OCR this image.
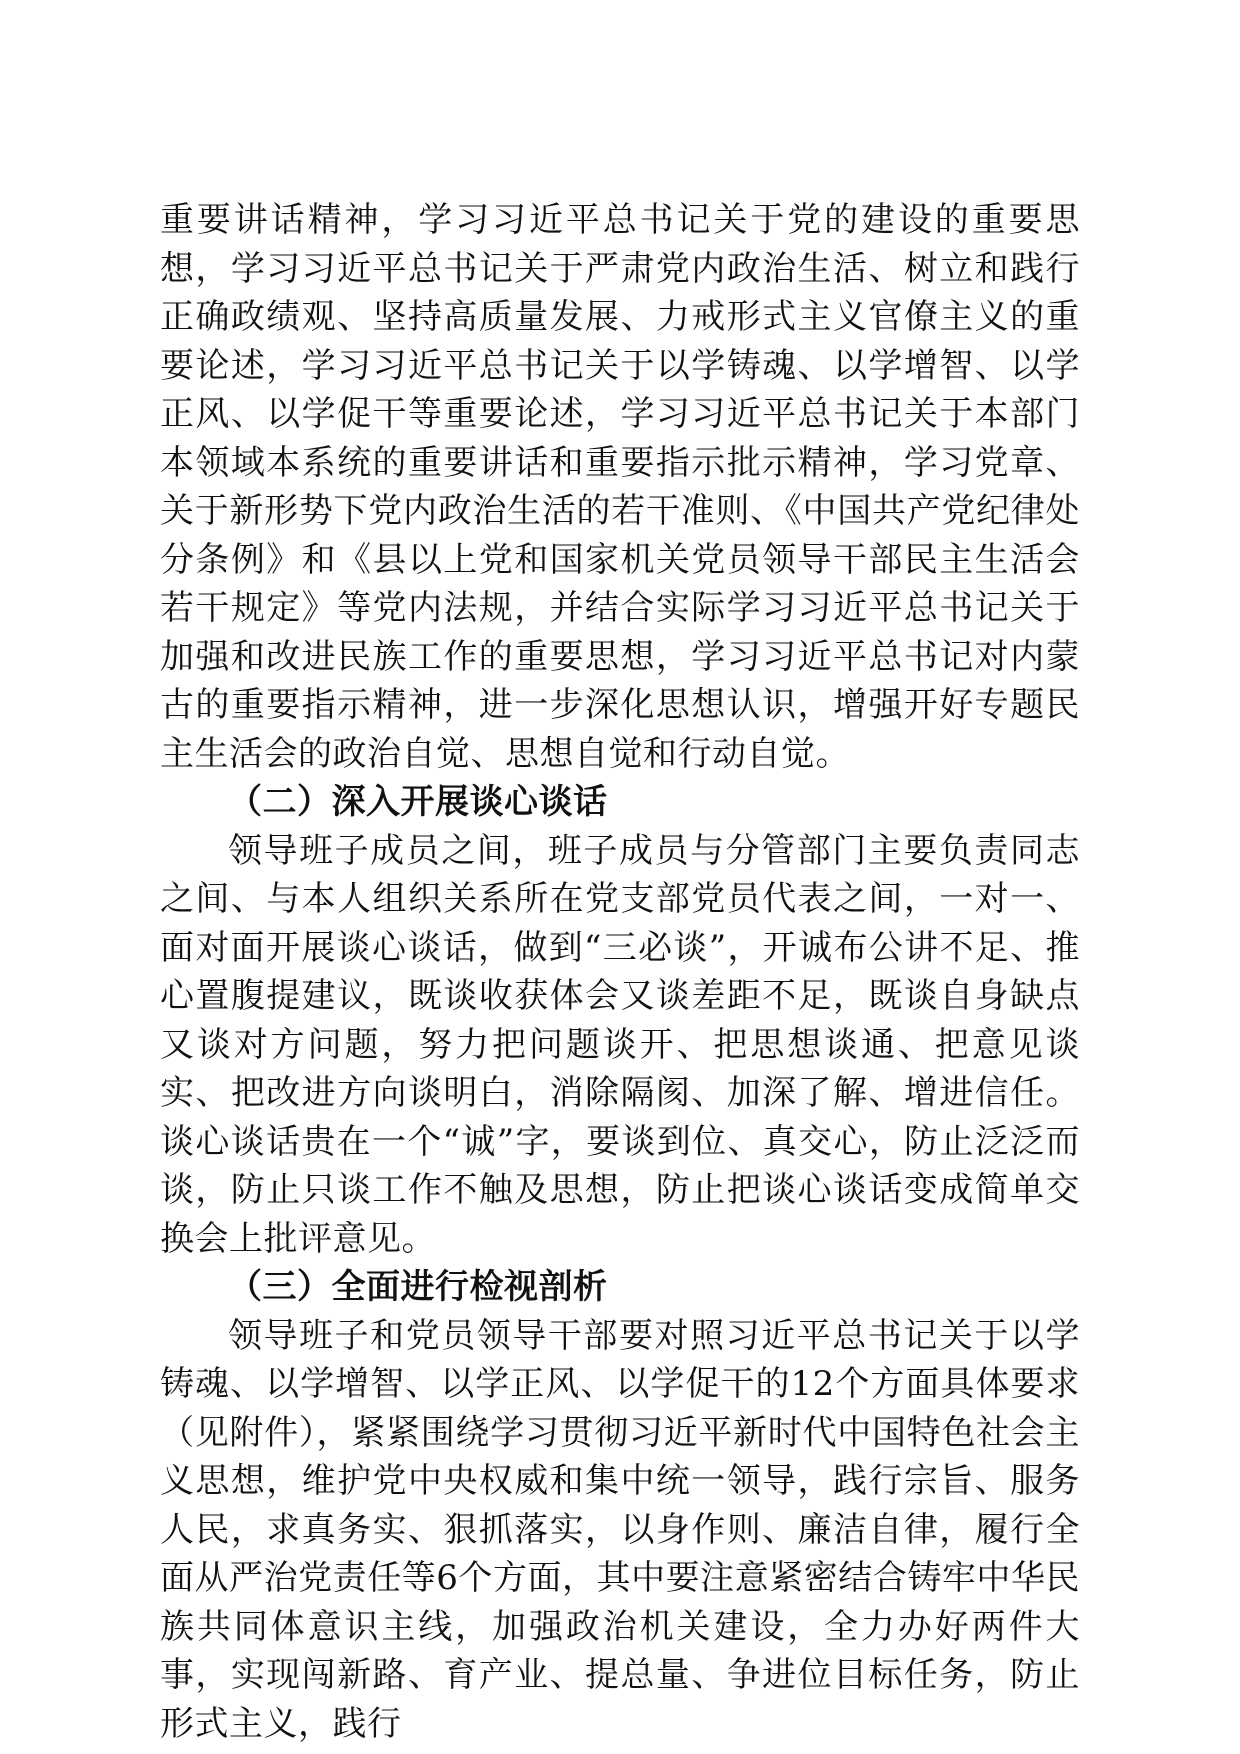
重要讲话精神，学习习近平总书记关于党的建设的重要思想，学习习近平总书记关于严肃党内政治生活、树立和践行正确政绩观、坚持高质量发展、力戒形式主义官僚主义的重要论述，学习习近平总书记关于以学铸魂、以学增智、以学正风、以学促干等重要论述，学习习近平总书记关于本部门本领域本系统的重要讲话和重要指示批示精神，学习党章、关于新形势下党内政治生活的若干准则、《中国共产党纪律处分条例》和《县以上党和国家机关党员领导干部民主生活会若干规定》等党内法规，并结合实际学习习近平总书记关于加强和改进民族工作的重要思想，学习习近平总书记对内蒙古的重要指示精神，进一步深化思想认识，增强开好专题民主生活会的政治自觉、思想自觉和行动自觉。

（二）深入开展谈心谈话

领导班子成员之间，班子成员与分管部门主要负责同志之间、与本人组织关系所在党支部党员代表之间，一对一、面对面开展谈心谈话，做到“三必谈”，开诚布公讲不足、推心置腹提建议，既谈收获体会又谈差距不足，既谈自身缺点又谈对方问题，努力把问题谈开、把思想谈通、把意见谈实、把改进方向谈明白，消除隔阂、加深了解、增进信任。谈心谈话贵在一个“诚”字，要谈到位、真交心，防止泛泛而谈，防止只谈工作不触及思想，防止把谈心谈话变成简单交换会上批评意见。

（三）全面进行检视剖析

领导班子和党员领导干部要对照习近平总书记关于以学铸魂、以学增智、以学正风、以学促干的12个方面具体要求（见附件），紧紧围绕学习贯彻习近平新时代中国特色社会主义思想，维护党中央权威和集中统一领导，践行宗旨、服务人民，求真务实、狠抓落实，以身作则、廉洁自律，履行全面从严治党责任等6个方面，其中要注意紧密结合铸牢中华民族共同体意识主线，加强政治机关建设，全力办好两件大事，实现闯新路、育产业、提总量、争进位目标任务，防止形式主义，践行
